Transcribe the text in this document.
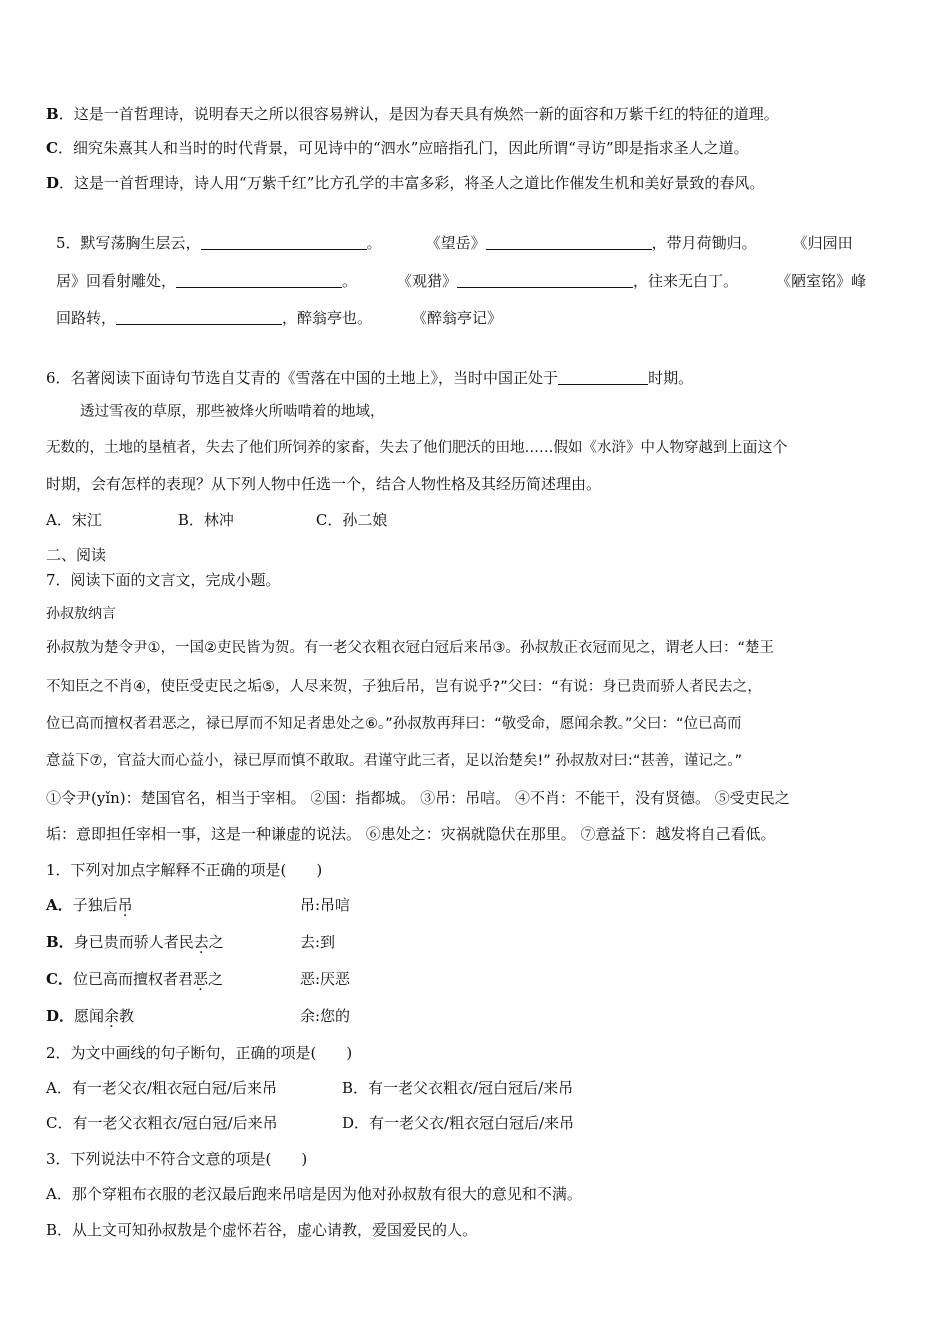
B．这是一首哲理诗，说明春天之所以很容易辨认，是因为春天具有焕然一新的面容和万紫千红的特征的道理。
C．细究朱熹其人和当时的时代背景，可见诗中的“泗水”应暗指孔门，因此所谓“寻访”即是指求圣人之道。
D．这是一首哲理诗，诗人用“万紫千红”比方孔学的丰富多彩，将圣人之道比作催发生机和美好景致的春风。
5．默写荡胸生层云，	。	《望岳》	，带月荷锄归。 《归园田
居》回看射雕处，	。	《观猎》	，往来无白丁。	《陋室铭》峰
回路转，	，醉翁亭也。	《醉翁亭记》
6．名著阅读下面诗句节选自艾青的《雪落在中国的土地上》，当时中国正处于	时期。
透过雪夜的草原，那些被烽火所啮啃着的地域，
无数的，土地的垦植者，失去了他们所饲养的家畜，失去了他们肥沃的田地……假如《水浒》中人物穿越到上面这个
时期，会有怎样的表现？从下列人物中任选一个，结合人物性格及其经历简述理由。
A．宋江	B．林冲	C．孙二娘
二、阅读
7．阅读下面的文言文，完成小题。
孙叔敖纳言
孙叔敖为楚令尹①，一国②吏民皆为贺。有一老父衣粗衣冠白冠后来吊③。孙叔敖正衣冠而见之，谓老人曰：“楚王
不知臣之不肖④，使臣受吏民之垢⑤，人尽来贺，子独后吊，岂有说乎?”父曰：“有说：身已贵而骄人者民去之，
位已高而擅权者君恶之，禄已厚而不知足者患处之⑥。”孙叔敖再拜曰：“敬受命，愿闻余教。”父曰：“位已高而
意益下⑦，官益大而心益小，禄已厚而慎不敢取。君谨守此三者，足以治楚矣!” 孙叔敖对曰:“甚善，谨记之。”
①令尹(yǐn)：楚国官名，相当于宰相。 ②国：指都城。 ③吊：吊唁。 ④不肖：不能干，没有贤德。 ⑤受吏民之
垢：意即担任宰相一事，这是一种谦虚的说法。 ⑥患处之：灾祸就隐伏在那里。 ⑦意益下：越发将自己看低。
1．下列对加点字解释不正确的项是(　　)
A．子独后吊	吊:吊唁
B．身已贵而骄人者民去之	去:到
C．位已高而擅权者君恶之	恶:厌恶
D．愿闻余教	余:您的
2．为文中画线的句子断句，正确的项是(　　)
A．有一老父衣/粗衣冠白冠/后来吊	B．有一老父衣粗衣/冠白冠后/来吊
C．有一老父衣粗衣/冠白冠/后来吊	D．有一老父衣/粗衣冠白冠后/来吊
3．下列说法中不符合文意的项是(　　)
A．那个穿粗布衣服的老汉最后跑来吊唁是因为他对孙叔敖有很大的意见和不满。
B．从上文可知孙叔敖是个虚怀若谷，虚心请教，爱国爱民的人。
